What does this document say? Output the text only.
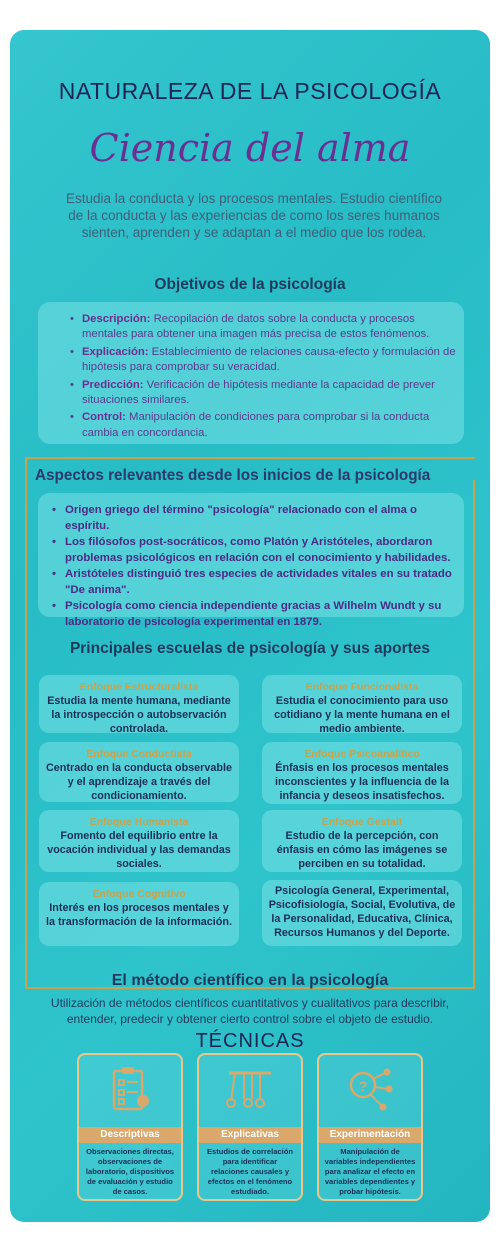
NATURALEZA DE LA PSICOLOGÍA
Ciencia del alma
Estudia la conducta y los procesos mentales. Estudio científico de la conducta y las experiencias de como los seres humanos sienten, aprenden y se adaptan a el medio que los rodea.
Objetivos de la psicología
• Descripción: Recopilación de datos sobre la conducta y procesos mentales para obtener una imagen más precisa de estos fenómenos.
• Explicación: Establecimiento de relaciones causa-efecto y formulación de hipótesis para comprobar su veracidad.
• Predicción: Verificación de hipótesis mediante la capacidad de prever situaciones similares.
• Control: Manipulación de condiciones para comprobar si la conducta cambia en concordancia.
Aspectos relevantes desde los inicios de la psicología
• Origen griego del término "psicología" relacionado con el alma o espíritu.
• Los filósofos post-socráticos, como Platón y Aristóteles, abordaron problemas psicológicos en relación con el conocimiento y habilidades.
• Aristóteles distinguió tres especies de actividades vitales en su tratado "De anima".
• Psicología como ciencia independiente gracias a Wilhelm Wundt y su laboratorio de psicología experimental en 1879.
Principales escuelas de psicología y sus aportes
Enfoque Estructuralista
Estudia la mente humana, mediante la introspección o autobservación controlada.
Enfoque Funcionalista
Estudia el conocimiento para uso cotidiano y la mente humana en el medio ambiente.
Enfoque Conductista
Centrado en la conducta observable y el aprendizaje a través del condicionamiento.
Enfoque Psicoanalítico
Énfasis en los procesos mentales inconscientes y la influencia de la infancia y deseos insatisfechos.
Enfoque Humanista
Fomento del equilibrio entre la vocación individual y las demandas sociales.
Enfoque Gestalt
Estudio de la percepción, con énfasis en cómo las imágenes se perciben en su totalidad.
Enfoque Cognitivo
Interés en los procesos mentales y la transformación de la información.
Psicología General, Experimental, Psicofisiología, Social, Evolutiva, de la Personalidad, Educativa, Clínica, Recursos Humanos y del Deporte.
El método científico en la psicología
Utilización de métodos científicos cuantitativos y cualitativos para describir, entender, predecir y obtener cierto control sobre el objeto de estudio.
TÉCNICAS
Descriptivas
Observaciones directas, observaciones de laboratorio, dispositivos de evaluación y estudio de casos.
Explicativas
Estudios de correlación para identificar relaciones causales y efectos en el fenómeno estudiado.
?
Experimentación
Manipulación de variables independientes para analizar el efecto en variables dependientes y probar hipótesis.
